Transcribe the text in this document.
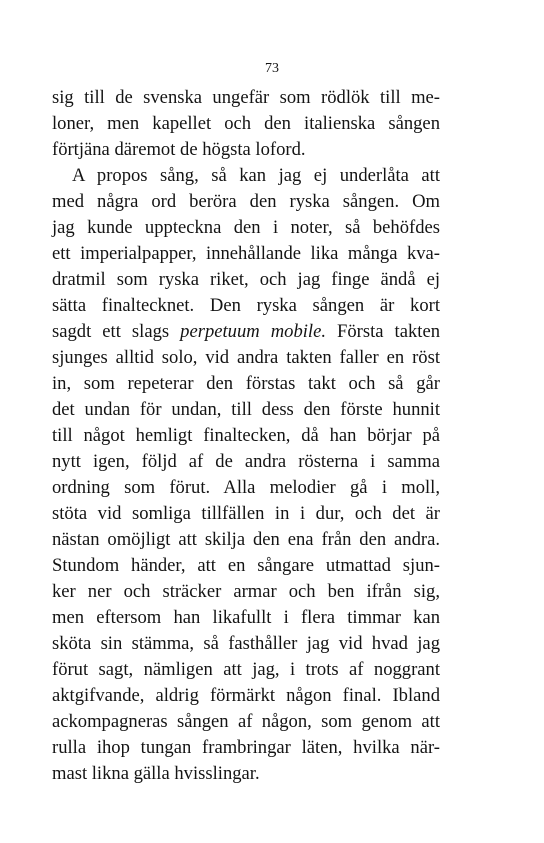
73
sig till de svenska ungefär som rödlök till me-
loner, men kapellet och den italienska sången
förtjäna däremot de högsta loford.
A propos sång, så kan jag ej underlåta att
med några ord beröra den ryska sången. Om
jag kunde uppteckna den i noter, så behöfdes
ett imperialpapper, innehållande lika många kva-
dratmil som ryska riket, och jag finge ändå ej
sätta finaltecknet. Den ryska sången är kort
sagdt ett slags perpetuum mobile. Första takten
sjunges alltid solo, vid andra takten faller en röst
in, som repeterar den förstas takt och så går
det undan för undan, till dess den förste hunnit
till något hemligt finaltecken, då han börjar på
nytt igen, följd af de andra rösterna i samma
ordning som förut. Alla melodier gå i moll,
stöta vid somliga tillfällen in i dur, och det är
nästan omöjligt att skilja den ena från den andra.
Stundom händer, att en sångare utmattad sjun-
ker ner och sträcker armar och ben ifrån sig,
men eftersom han likafullt i flera timmar kan
sköta sin stämma, så fasthåller jag vid hvad jag
förut sagt, nämligen att jag, i trots af noggrant
aktgifvande, aldrig förmärkt någon final. Ibland
ackompagneras sången af någon, som genom att
rulla ihop tungan frambringar läten, hvilka när-
mast likna gälla hvisslingar.
